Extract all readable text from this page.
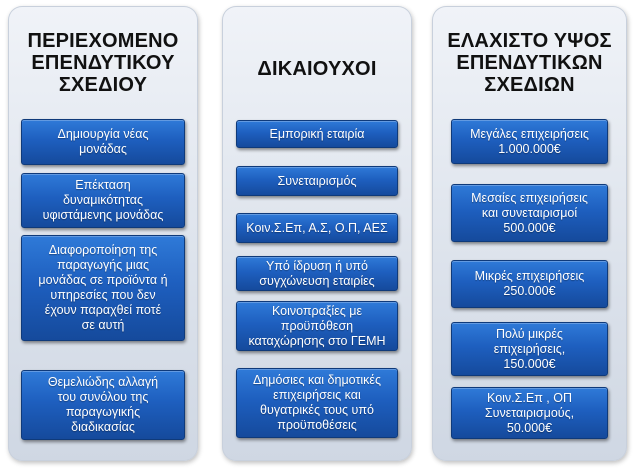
ΠΕΡΙΕΧΟΜΕΝΟ
ΕΠΕΝΔΥΤΙΚΟΥ
ΣΧΕΔΙΟΥ
Δημιουργία νέας
μονάδας
Επέκταση
δυναμικότητας
υφιστάμενης μονάδας
Διαφοροποίηση της
παραγωγής μιας
μονάδας σε προϊόντα ή
υπηρεσίες που δεν
έχουν παραχθεί ποτέ
σε αυτή
Θεμελιώδης αλλαγή
του συνόλου της
παραγωγικής
διαδικασίας
ΔΙΚΑΙΟΥΧΟΙ
Εμπορική εταιρία
Συνεταιρισμός
Κοιν.Σ.Επ, Α.Σ, Ο.Π, ΑΕΣ
Υπό ίδρυση ή υπό
συγχώνευση εταιρίες
Κοινοπραξίες με
προϋπόθεση
καταχώρησης στο ΓΕΜΗ
Δημόσιες και δημοτικές
επιχειρήσεις και
θυγατρικές τους υπό
προϋποθέσεις
ΕΛΑΧΙΣΤΟ ΥΨΟΣ
ΕΠΕΝΔΥΤΙΚΩΝ
ΣΧΕΔΙΩΝ
Μεγάλες επιχειρήσεις
1.000.000€
Μεσαίες επιχειρήσεις
και συνεταιρισμοί
500.000€
Μικρές επιχειρήσεις
250.000€
Πολύ μικρές
επιχειρήσεις,
150.000€
Κοιν.Σ.Επ , ΟΠ
Συνεταιρισμούς,
50.000€
